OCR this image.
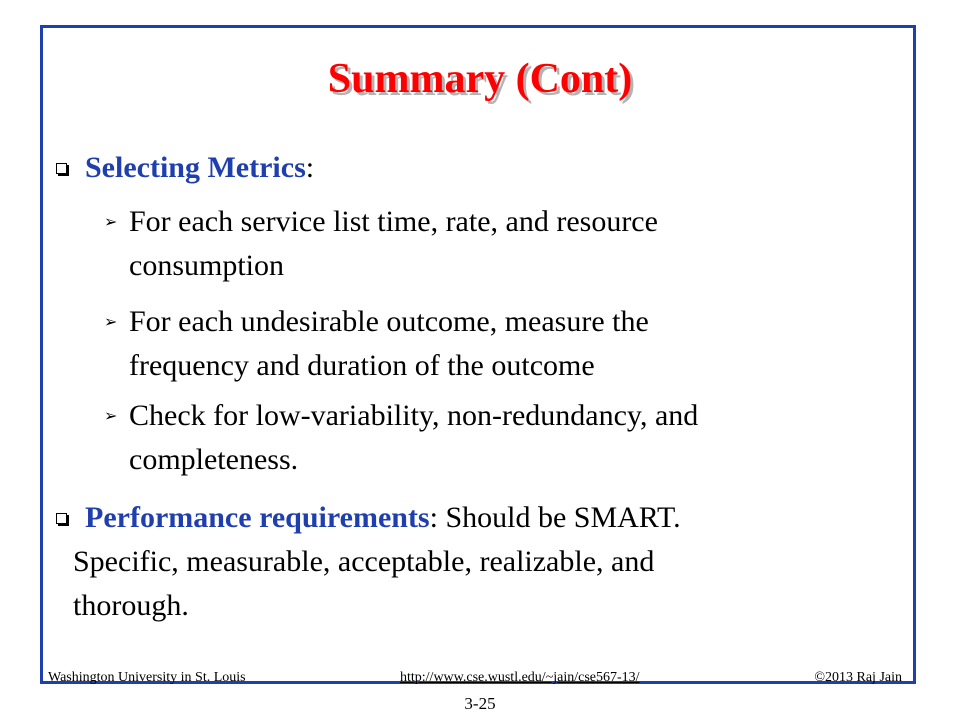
Summary (Cont)
Selecting Metrics:
➢ For each service list time, rate, and resource
consumption
➢ For each undesirable outcome, measure the
frequency and duration of the outcome
➢ Check for low-variability, non-redundancy, and
completeness.
Performance requirements: Should be SMART.
Specific, measurable, acceptable, realizable, and
thorough.
Washington University in St. Louis	http://www.cse.wustl.edu/~jain/cse567-13/	©2013 Raj Jain
3-25
